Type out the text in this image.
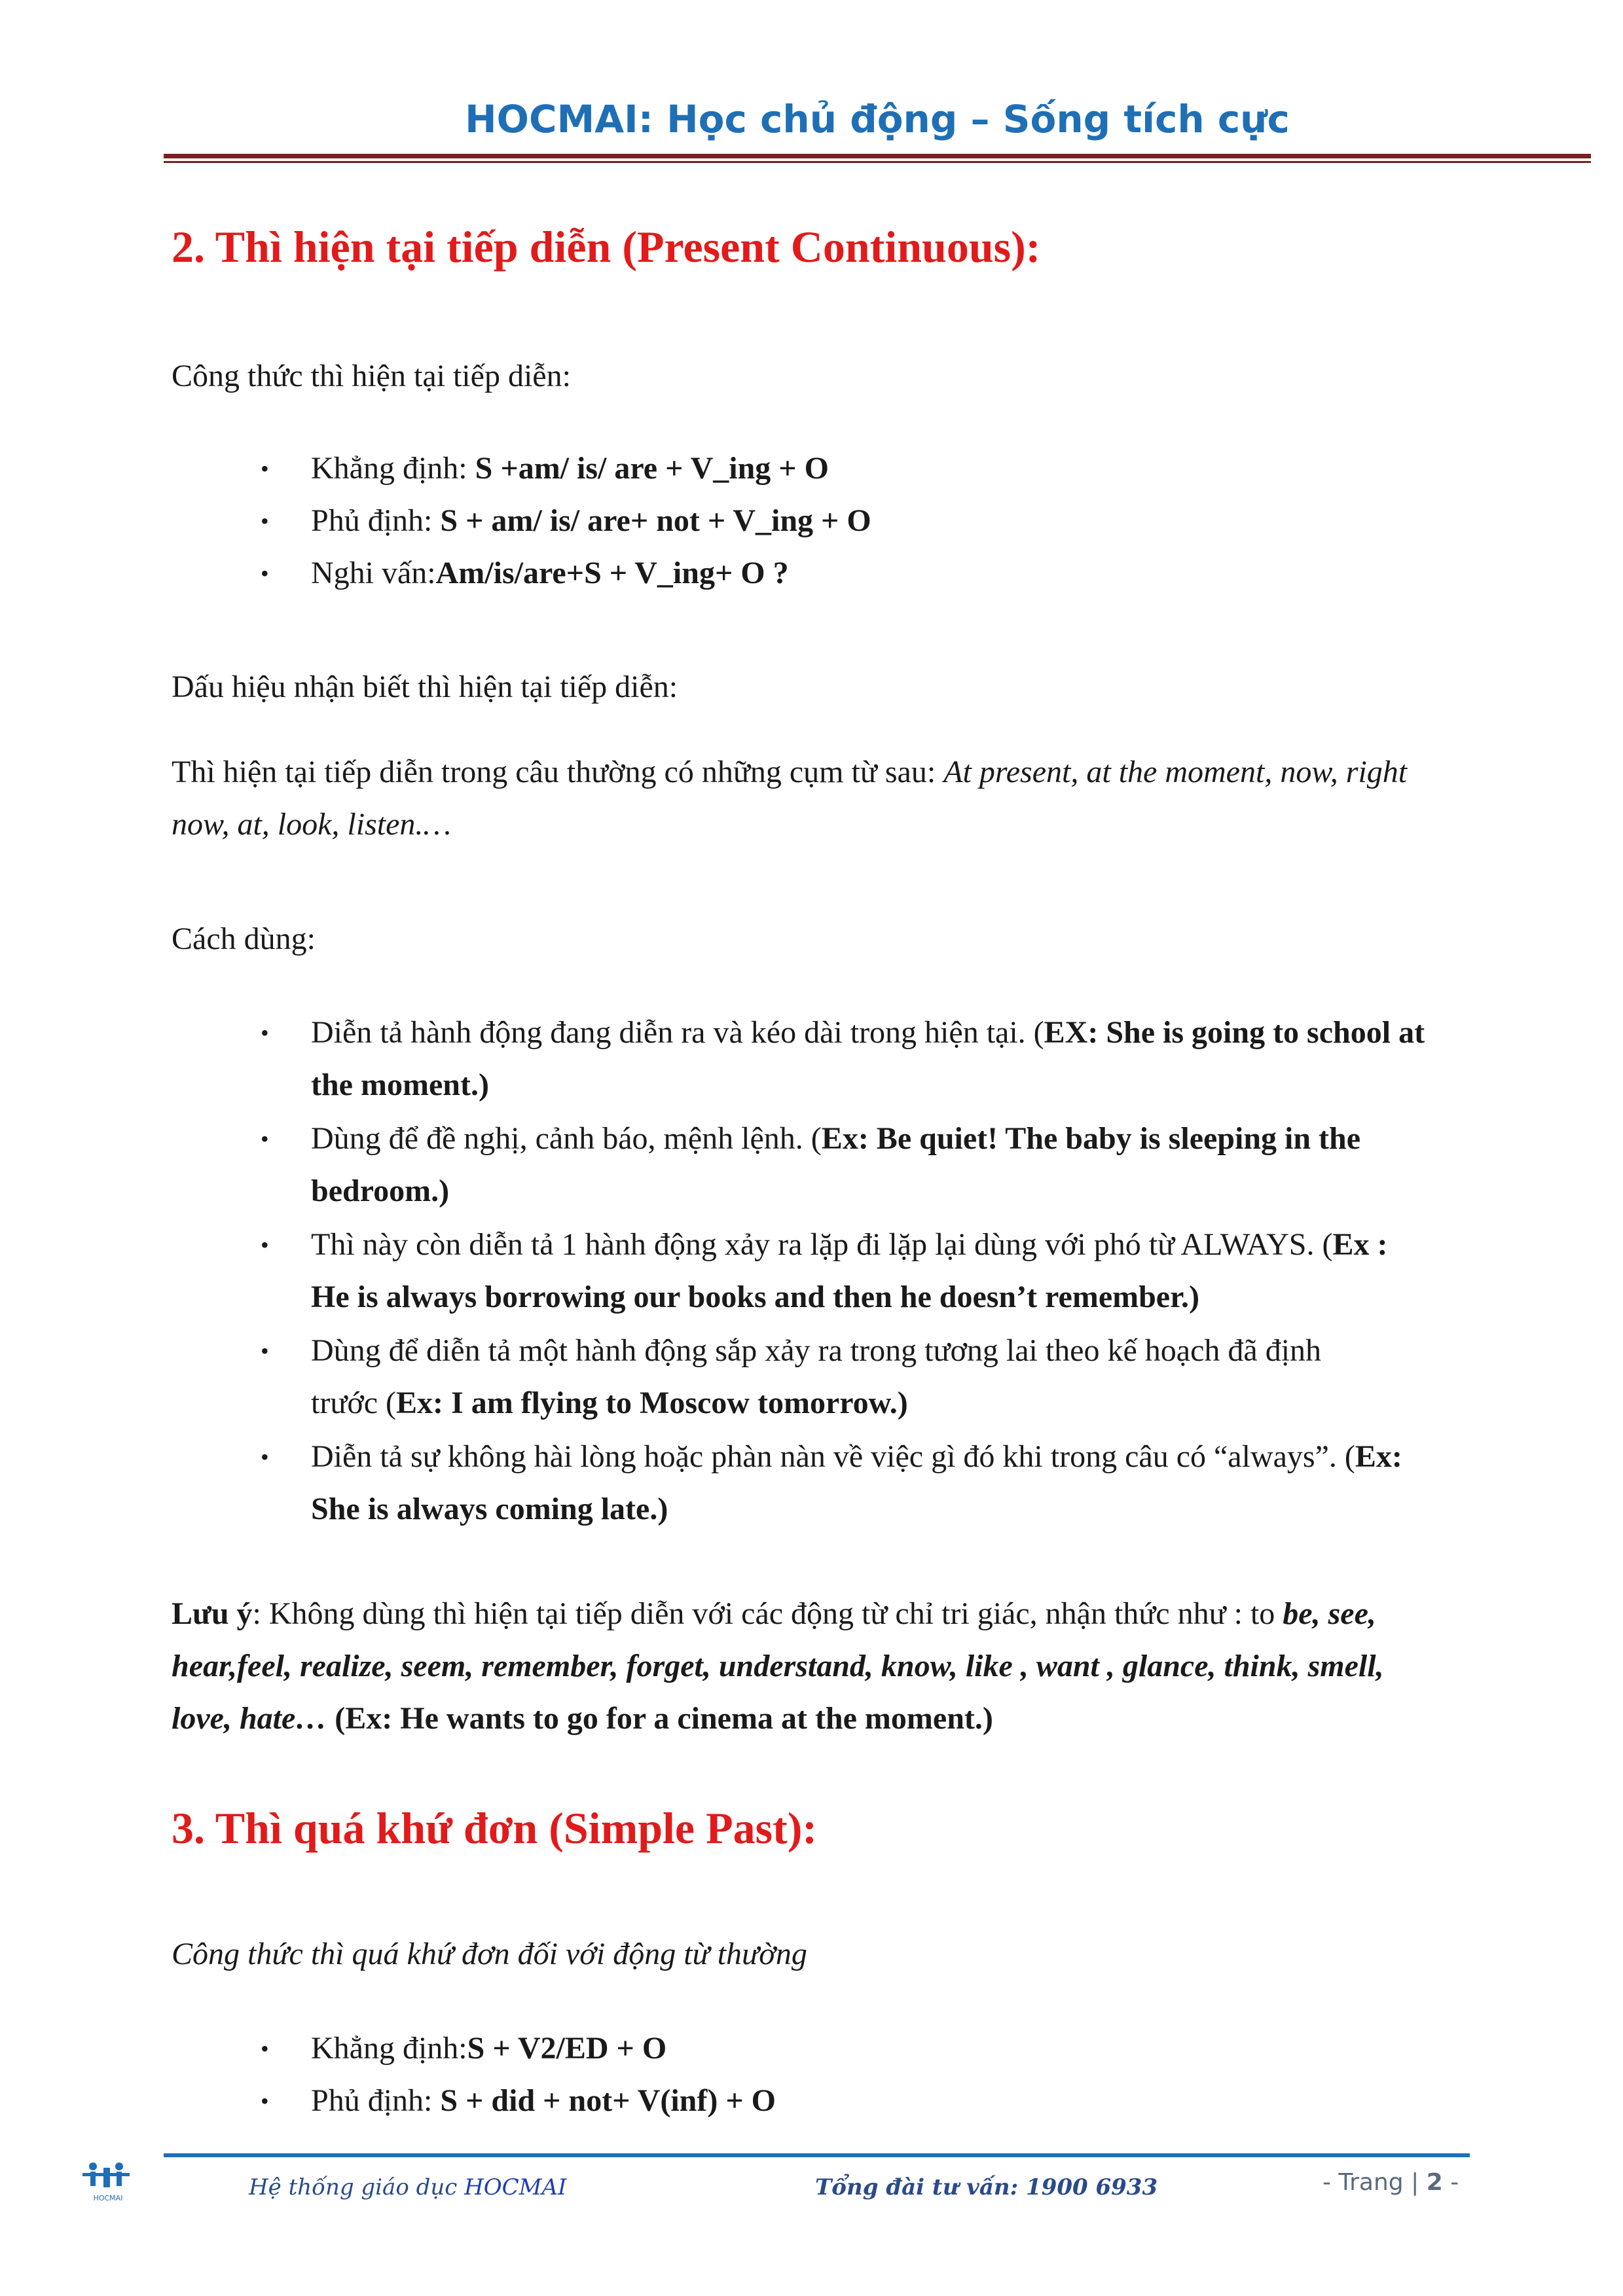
HOCMAI: Học chủ động – Sống tích cực
2. Thì hiện tại tiếp diễn (Present Continuous):
Công thức thì hiện tại tiếp diễn:
• Khẳng định: S +am/ is/ are + V_ing + O
• Phủ định: S + am/ is/ are+ not + V_ing + O
• Nghi vấn:Am/is/are+S + V_ing+ O ?
Dấu hiệu nhận biết thì hiện tại tiếp diễn:
Thì hiện tại tiếp diễn trong câu thường có những cụm từ sau: At present, at the moment, now, right
now, at, look, listen.…
Cách dùng:
• Diễn tả hành động đang diễn ra và kéo dài trong hiện tại. (EX: She is going to school at
the moment.)
• Dùng để đề nghị, cảnh báo, mệnh lệnh. (Ex: Be quiet! The baby is sleeping in the
bedroom.)
• Thì này còn diễn tả 1 hành động xảy ra lặp đi lặp lại dùng với phó từ ALWAYS. (Ex :
He is always borrowing our books and then he doesn’t remember.)
• Dùng để diễn tả một hành động sắp xảy ra trong tương lai theo kế hoạch đã định
trước (Ex: I am flying to Moscow tomorrow.)
• Diễn tả sự không hài lòng hoặc phàn nàn về việc gì đó khi trong câu có “always”. (Ex:
She is always coming late.)
Lưu ý: Không dùng thì hiện tại tiếp diễn với các động từ chỉ tri giác, nhận thức như : to be, see,
hear,feel, realize, seem, remember, forget, understand, know, like , want , glance, think, smell,
love, hate… (Ex: He wants to go for a cinema at the moment.)
3. Thì quá khứ đơn (Simple Past):
Công thức thì quá khứ đơn đối với động từ thường
• Khẳng định:S + V2/ED + O
• Phủ định: S + did + not+ V(inf) + O
HOCMAI	Hệ thống giáo dục HOCMAI	Tổng đài tư vấn: 1900 6933	- Trang | 2 -
